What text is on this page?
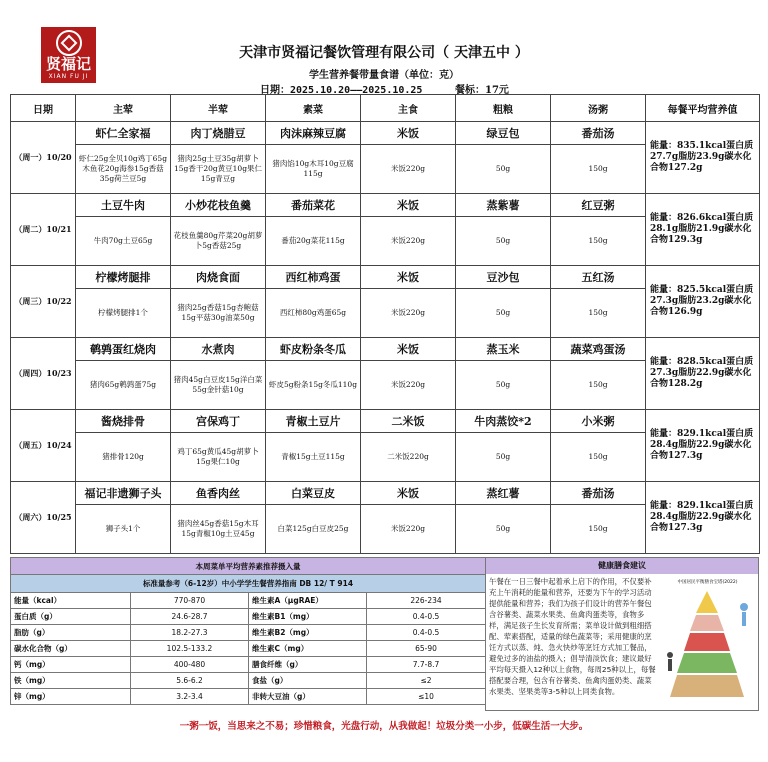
贤福记
XIAN FU JI
天津市贤福记餐饮管理有限公司（ 天津五中 ）
学生营养餐带量食谱（单位：克）
日期：2025.10.20——2025.10.25	餐标：17元
日期	主荤	半荤	素菜	主食	粗粮	汤粥	每餐平均营养值
（周一）10/20	虾仁全家福	肉丁烧腊豆	肉沫麻辣豆腐	米饭	绿豆包	番茄汤	能量：835.1kcal蛋白质27.7g脂肪23.9g碳水化合物127.2g
	虾仁25g全贝10g鸡丁65g木鱼花20g海参15g香菇35g荷兰豆5g	猪肉25g土豆35g胡萝卜15g香干20g黄豆10g果仁15g青豆g	猪肉馅10g木耳10g豆腐115g	米饭220g	50g	150g	
（周二）10/21	土豆牛肉	小炒花枝鱼羹	番茄菜花	米饭	蒸紫薯	红豆粥	能量：826.6kcal蛋白质28.1g脂肪21.9g碳水化合物129.3g
	牛肉70g土豆65g	花枝鱼羹80g芹菜20g胡萝卜5g香菇25g	番茄20g菜花115g	米饭220g	50g	150g	
（周三）10/22	柠檬烤腿排	肉烧食面	西红柿鸡蛋	米饭	豆沙包	五红汤	能量：825.5kcal蛋白质27.3g脂肪23.2g碳水化合物126.9g
	柠檬烤腿排1个	猪肉25g香菇15g杏鲍菇15g平菇30g油菜50g	西红柿80g鸡蛋65g	米饭220g	50g	150g	
（周四）10/23	鹌鹑蛋红烧肉	水煮肉	虾皮粉条冬瓜	米饭	蒸玉米	蔬菜鸡蛋汤	能量：828.5kcal蛋白质27.3g脂肪22.9g碳水化合物128.2g
	猪肉65g鹌鹑蛋75g	猪肉45g白豆皮15g洋白菜55g金针菇10g	虾皮5g粉条15g冬瓜110g	米饭220g	50g	150g	
（周五）10/24	酱烧排骨	宫保鸡丁	青椒土豆片	二米饭	牛肉蒸饺*2	小米粥	能量：829.1kcal蛋白质28.4g脂肪22.9g碳水化合物127.3g
	猪排骨120g	鸡丁65g黄瓜45g胡萝卜15g果仁10g	青椒15g土豆115g	二米饭220g	50g	150g	
（周六）10/25	福记非遗狮子头	鱼香肉丝	白菜豆皮	米饭	蒸红薯	番茄汤	能量：829.1kcal蛋白质28.4g脂肪22.9g碳水化合物127.3g
	狮子头1个	猪肉丝45g香菇15g木耳15g青椒10g土豆45g	白菜125g白豆皮25g	米饭220g	50g	150g	
本周菜单平均营养素推荐摄入量			
标准量参考（6-12岁）中小学学生餐营养指南 DB 12/ T 914			
能量（kcal）	770-870	维生素A（μgRAE）	226-234
蛋白质（g）	24.6-28.7	维生素B1（mg）	0.4-0.5
脂肪（g）	18.2-27.3	维生素B2（mg）	0.4-0.5
碳水化合物（g）	102.5-133.2	维生素C（mg）	65-90
钙（mg）	400-480	膳食纤维（g）	7.7-8.7
铁（mg）	5.6-6.2	食盐（g）	≤2
锌（mg）	3.2-3.4	非转大豆油（g）	≤10
健康膳食建议
午餐在一日三餐中起着承上启下的作用，不仅要补充上午消耗的能量和营养，还要为下午的学习活动提供能量和营养；我们为孩子们设计的营养午餐包含谷薯类、蔬菜水果类、鱼禽肉蛋类等，食物多样，满足孩子生长发育所需；菜单设计做到粗细搭配、荤素搭配，适量的绿色蔬菜等；采用健康的烹饪方式以蒸、炖、急火快炒等烹饪方式加工餐品，避免过多的油盐的摄入；倡导清淡饮食；建议最好平均每天摄入12种以上食物，每周25种以上，每餐搭配要合理，包含有谷薯类、鱼禽肉蛋奶类、蔬菜水果类、坚果类等3-5种以上同类食物。
中国居民平衡膳食宝塔(2022)
一粥一饭，当思来之不易；珍惜粮食，光盘行动，从我做起！垃圾分类一小步，低碳生活一大步。
